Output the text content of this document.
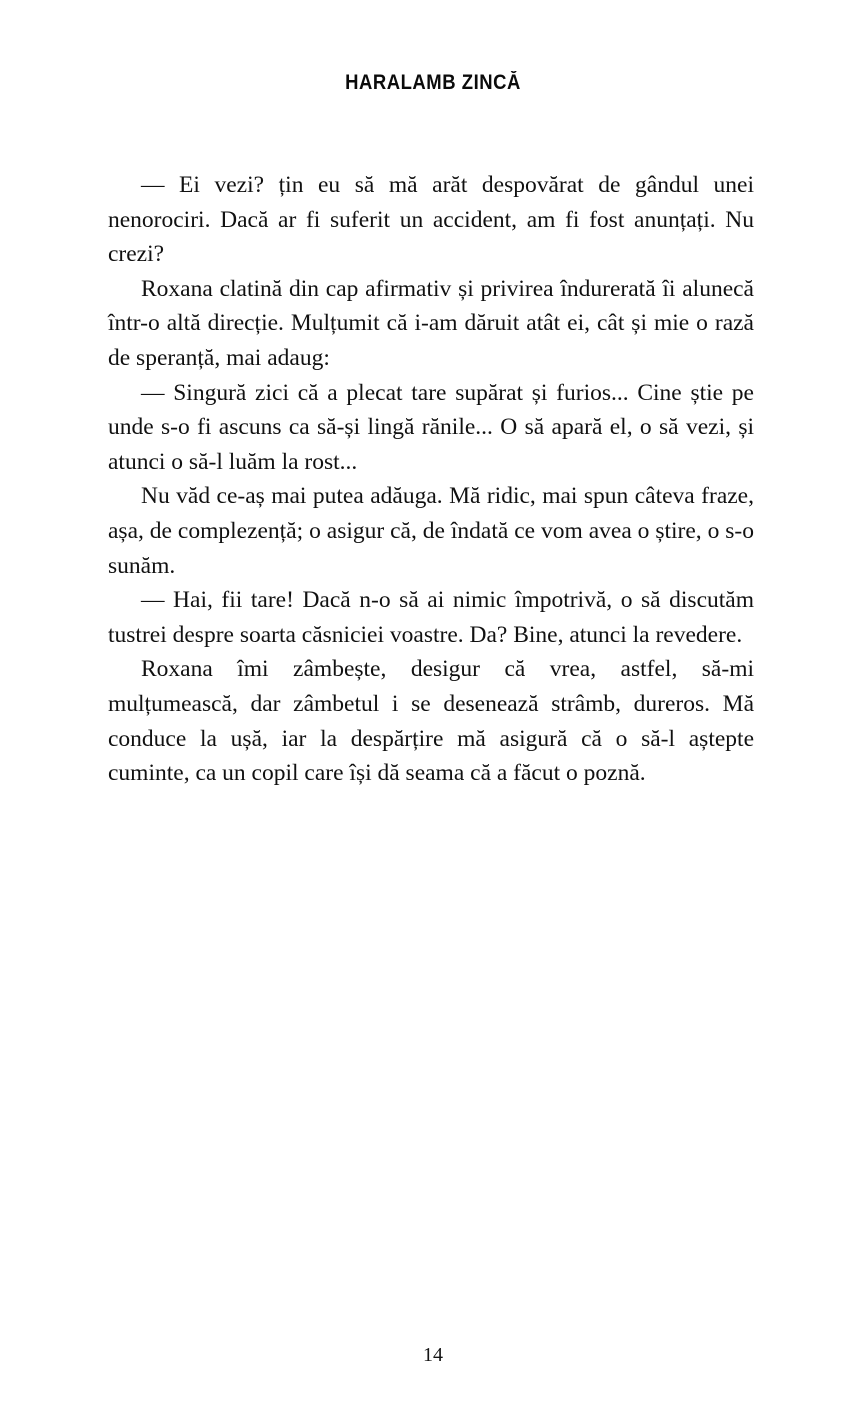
HARALAMB ZINCĂ

— Ei vezi? țin eu să mă arăt despovărat de gândul unei nenorociri. Dacă ar fi suferit un accident, am fi fost anunțați. Nu crezi?

Roxana clatină din cap afirmativ și privirea îndurerată îi alunecă într-o altă direcție. Mulțumit că i-am dăruit atât ei, cât și mie o rază de speranță, mai adaug:

— Singură zici că a plecat tare supărat și furios... Cine știe pe unde s-o fi ascuns ca să-și lingă rănile... O să apară el, o să vezi, și atunci o să-l luăm la rost...

Nu văd ce-aș mai putea adăuga. Mă ridic, mai spun câteva fraze, așa, de complezență; o asigur că, de îndată ce vom avea o știre, o s-o sunăm.

— Hai, fii tare! Dacă n-o să ai nimic împotrivă, o să discutăm tustrei despre soarta căsniciei voastre. Da? Bine, atunci la revedere.

Roxana îmi zâmbește, desigur că vrea, astfel, să-mi mulțumească, dar zâmbetul i se desenează strâmb, dureros. Mă conduce la ușă, iar la despărțire mă asigură că o să-l aștepte cuminte, ca un copil care își dă seama că a făcut o poznă.

14
